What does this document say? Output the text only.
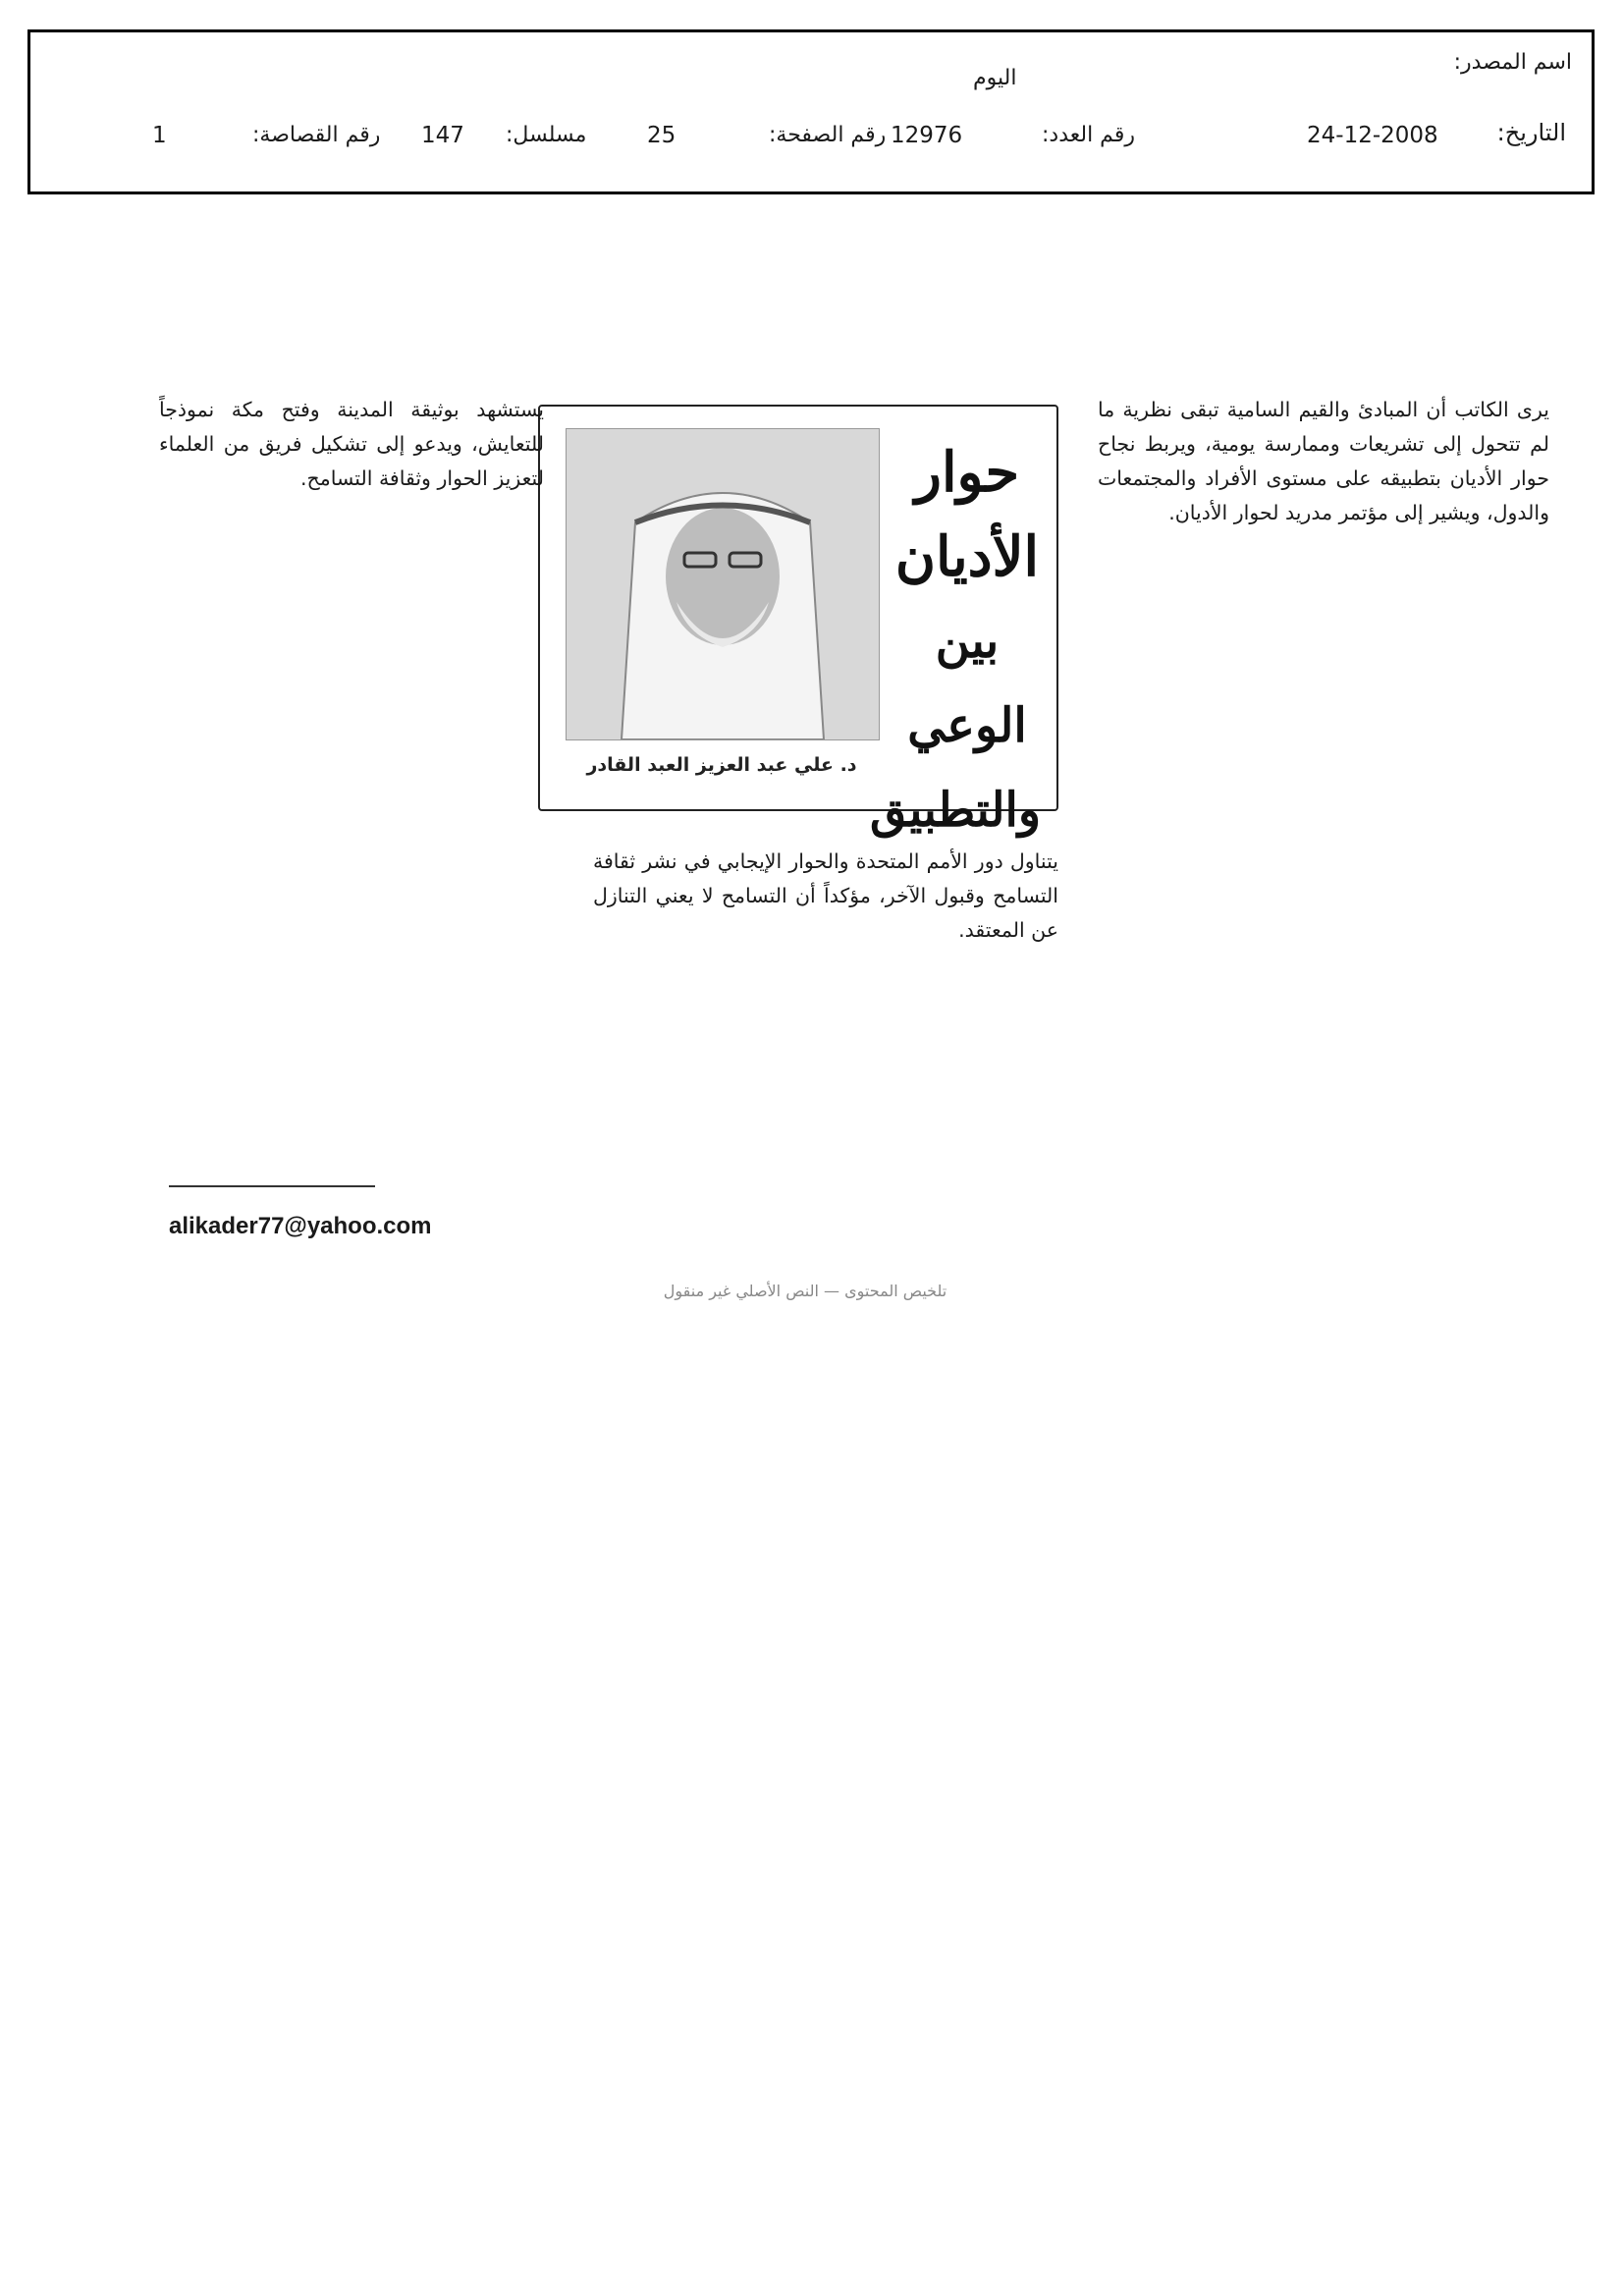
اسم المصدر:
اليوم
التاريخ:
24-12-2008
رقم العدد:
12976
رقم الصفحة:
25
مسلسل:
147
رقم القصاصة:
1

يرى الكاتب أن المبادئ والقيم السامية تبقى نظرية ما لم تتحول إلى تشريعات وممارسة يومية، ويربط نجاح حوار الأديان بتطبيقه على مستوى الأفراد والمجتمعات والدول، ويشير إلى مؤتمر مدريد لحوار الأديان.

حوار
الأديان
بين الوعي
والتطبيق
د. علي عبد العزيز العبد القادر

يتناول دور الأمم المتحدة والحوار الإيجابي في نشر ثقافة التسامح وقبول الآخر، مؤكداً أن التسامح لا يعني التنازل عن المعتقد.

يستشهد بوثيقة المدينة وفتح مكة نموذجاً للتعايش، ويدعو إلى تشكيل فريق من العلماء لتعزيز الحوار وثقافة التسامح.

تلخيص المحتوى — النص الأصلي غير منقول
alikader77@yahoo.com
